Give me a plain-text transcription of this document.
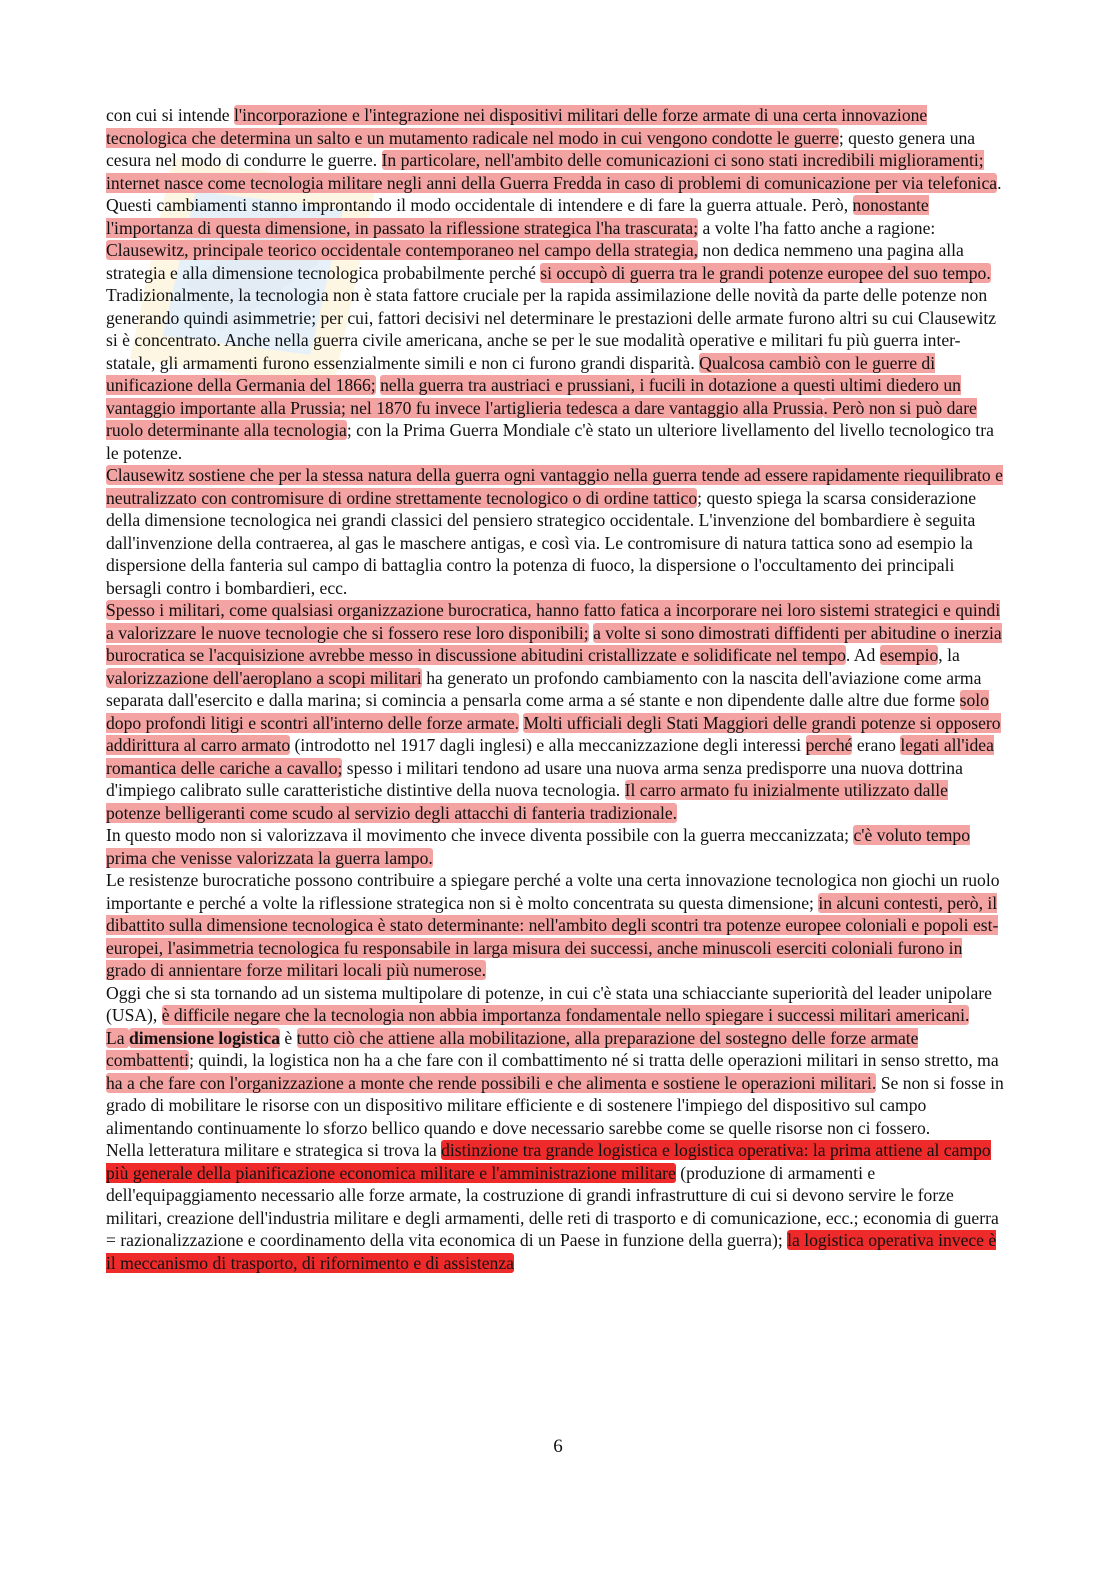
con cui si intende l'incorporazione e l'integrazione nei dispositivi militari delle forze armate di una certa innovazione tecnologica che determina un salto e un mutamento radicale nel modo in cui vengono condotte le guerre; questo genera una cesura nel modo di condurre le guerre. In particolare, nell'ambito delle comunicazioni ci sono stati incredibili miglioramenti; internet nasce come tecnologia militare negli anni della Guerra Fredda in caso di problemi di comunicazione per via telefonica. Questi cambiamenti stanno improntando il modo occidentale di intendere e di fare la guerra attuale. Però, nonostante l'importanza di questa dimensione, in passato la riflessione strategica l'ha trascurata; a volte l'ha fatto anche a ragione: Clausewitz, principale teorico occidentale contemporaneo nel campo della strategia, non dedica nemmeno una pagina alla strategia e alla dimensione tecnologica probabilmente perché si occupò di guerra tra le grandi potenze europee del suo tempo.

Tradizionalmente, la tecnologia non è stata fattore cruciale per la rapida assimilazione delle novità da parte delle potenze non generando quindi asimmetrie; per cui, fattori decisivi nel determinare le prestazioni delle armate furono altri su cui Clausewitz si è concentrato. Anche nella guerra civile americana, anche se per le sue modalità operative e militari fu più guerra inter-statale, gli armamenti furono essenzialmente simili e non ci furono grandi disparità. Qualcosa cambiò con le guerre di unificazione della Germania del 1866; nella guerra tra austriaci e prussiani, i fucili in dotazione a questi ultimi diedero un vantaggio importante alla Prussia; nel 1870 fu invece l'artiglieria tedesca a dare vantaggio alla Prussia. Però non si può dare ruolo determinante alla tecnologia; con la Prima Guerra Mondiale c'è stato un ulteriore livellamento del livello tecnologico tra le potenze.

Clausewitz sostiene che per la stessa natura della guerra ogni vantaggio nella guerra tende ad essere rapidamente riequilibrato e neutralizzato con contromisure di ordine strettamente tecnologico o di ordine tattico; questo spiega la scarsa considerazione della dimensione tecnologica nei grandi classici del pensiero strategico occidentale. L'invenzione del bombardiere è seguita dall'invenzione della contraerea, al gas le maschere antigas, e così via. Le contromisure di natura tattica sono ad esempio la dispersione della fanteria sul campo di battaglia contro la potenza di fuoco, la dispersione o l'occultamento dei principali bersagli contro i bombardieri, ecc.

Spesso i militari, come qualsiasi organizzazione burocratica, hanno fatto fatica a incorporare nei loro sistemi strategici e quindi a valorizzare le nuove tecnologie che si fossero rese loro disponibili; a volte si sono dimostrati diffidenti per abitudine o inerzia burocratica se l'acquisizione avrebbe messo in discussione abitudini cristallizzate e solidificate nel tempo. Ad esempio, la valorizzazione dell'aeroplano a scopi militari ha generato un profondo cambiamento con la nascita dell'aviazione come arma separata dall'esercito e dalla marina; si comincia a pensarla come arma a sé stante e non dipendente dalle altre due forme solo dopo profondi litigi e scontri all'interno delle forze armate. Molti ufficiali degli Stati Maggiori delle grandi potenze si opposero addirittura al carro armato (introdotto nel 1917 dagli inglesi) e alla meccanizzazione degli interessi perché erano legati all'idea romantica delle cariche a cavallo; spesso i militari tendono ad usare una nuova arma senza predisporre una nuova dottrina d'impiego calibrato sulle caratteristiche distintive della nuova tecnologia. Il carro armato fu inizialmente utilizzato dalle potenze belligeranti come scudo al servizio degli attacchi di fanteria tradizionale.

In questo modo non si valorizzava il movimento che invece diventa possibile con la guerra meccanizzata; c'è voluto tempo prima che venisse valorizzata la guerra lampo.

Le resistenze burocratiche possono contribuire a spiegare perché a volte una certa innovazione tecnologica non giochi un ruolo importante e perché a volte la riflessione strategica non si è molto concentrata su questa dimensione; in alcuni contesti, però, il dibattito sulla dimensione tecnologica è stato determinante: nell'ambito degli scontri tra potenze europee coloniali e popoli est-europei, l'asimmetria tecnologica fu responsabile in larga misura dei successi, anche minuscoli eserciti coloniali furono in grado di annientare forze militari locali più numerose.

Oggi che si sta tornando ad un sistema multipolare di potenze, in cui c'è stata una schiacciante superiorità del leader unipolare (USA), è difficile negare che la tecnologia non abbia importanza fondamentale nello spiegare i successi militari americani.

La dimensione logistica è tutto ciò che attiene alla mobilitazione, alla preparazione del sostegno delle forze armate combattenti; quindi, la logistica non ha a che fare con il combattimento né si tratta delle operazioni militari in senso stretto, ma ha a che fare con l'organizzazione a monte che rende possibili e che alimenta e sostiene le operazioni militari. Se non si fosse in grado di mobilitare le risorse con un dispositivo militare efficiente e di sostenere l'impiego del dispositivo sul campo alimentando continuamente lo sforzo bellico quando e dove necessario sarebbe come se quelle risorse non ci fossero.

Nella letteratura militare e strategica si trova la distinzione tra grande logistica e logistica operativa: la prima attiene al campo più generale della pianificazione economica militare e l'amministrazione militare (produzione di armamenti e dell'equipaggiamento necessario alle forze armate, la costruzione di grandi infrastrutture di cui si devono servire le forze militari, creazione dell'industria militare e degli armamenti, delle reti di trasporto e di comunicazione, ecc.; economia di guerra = razionalizzazione e coordinamento della vita economica di un Paese in funzione della guerra); la logistica operativa invece è il meccanismo di trasporto, di rifornimento e di assistenza

6
